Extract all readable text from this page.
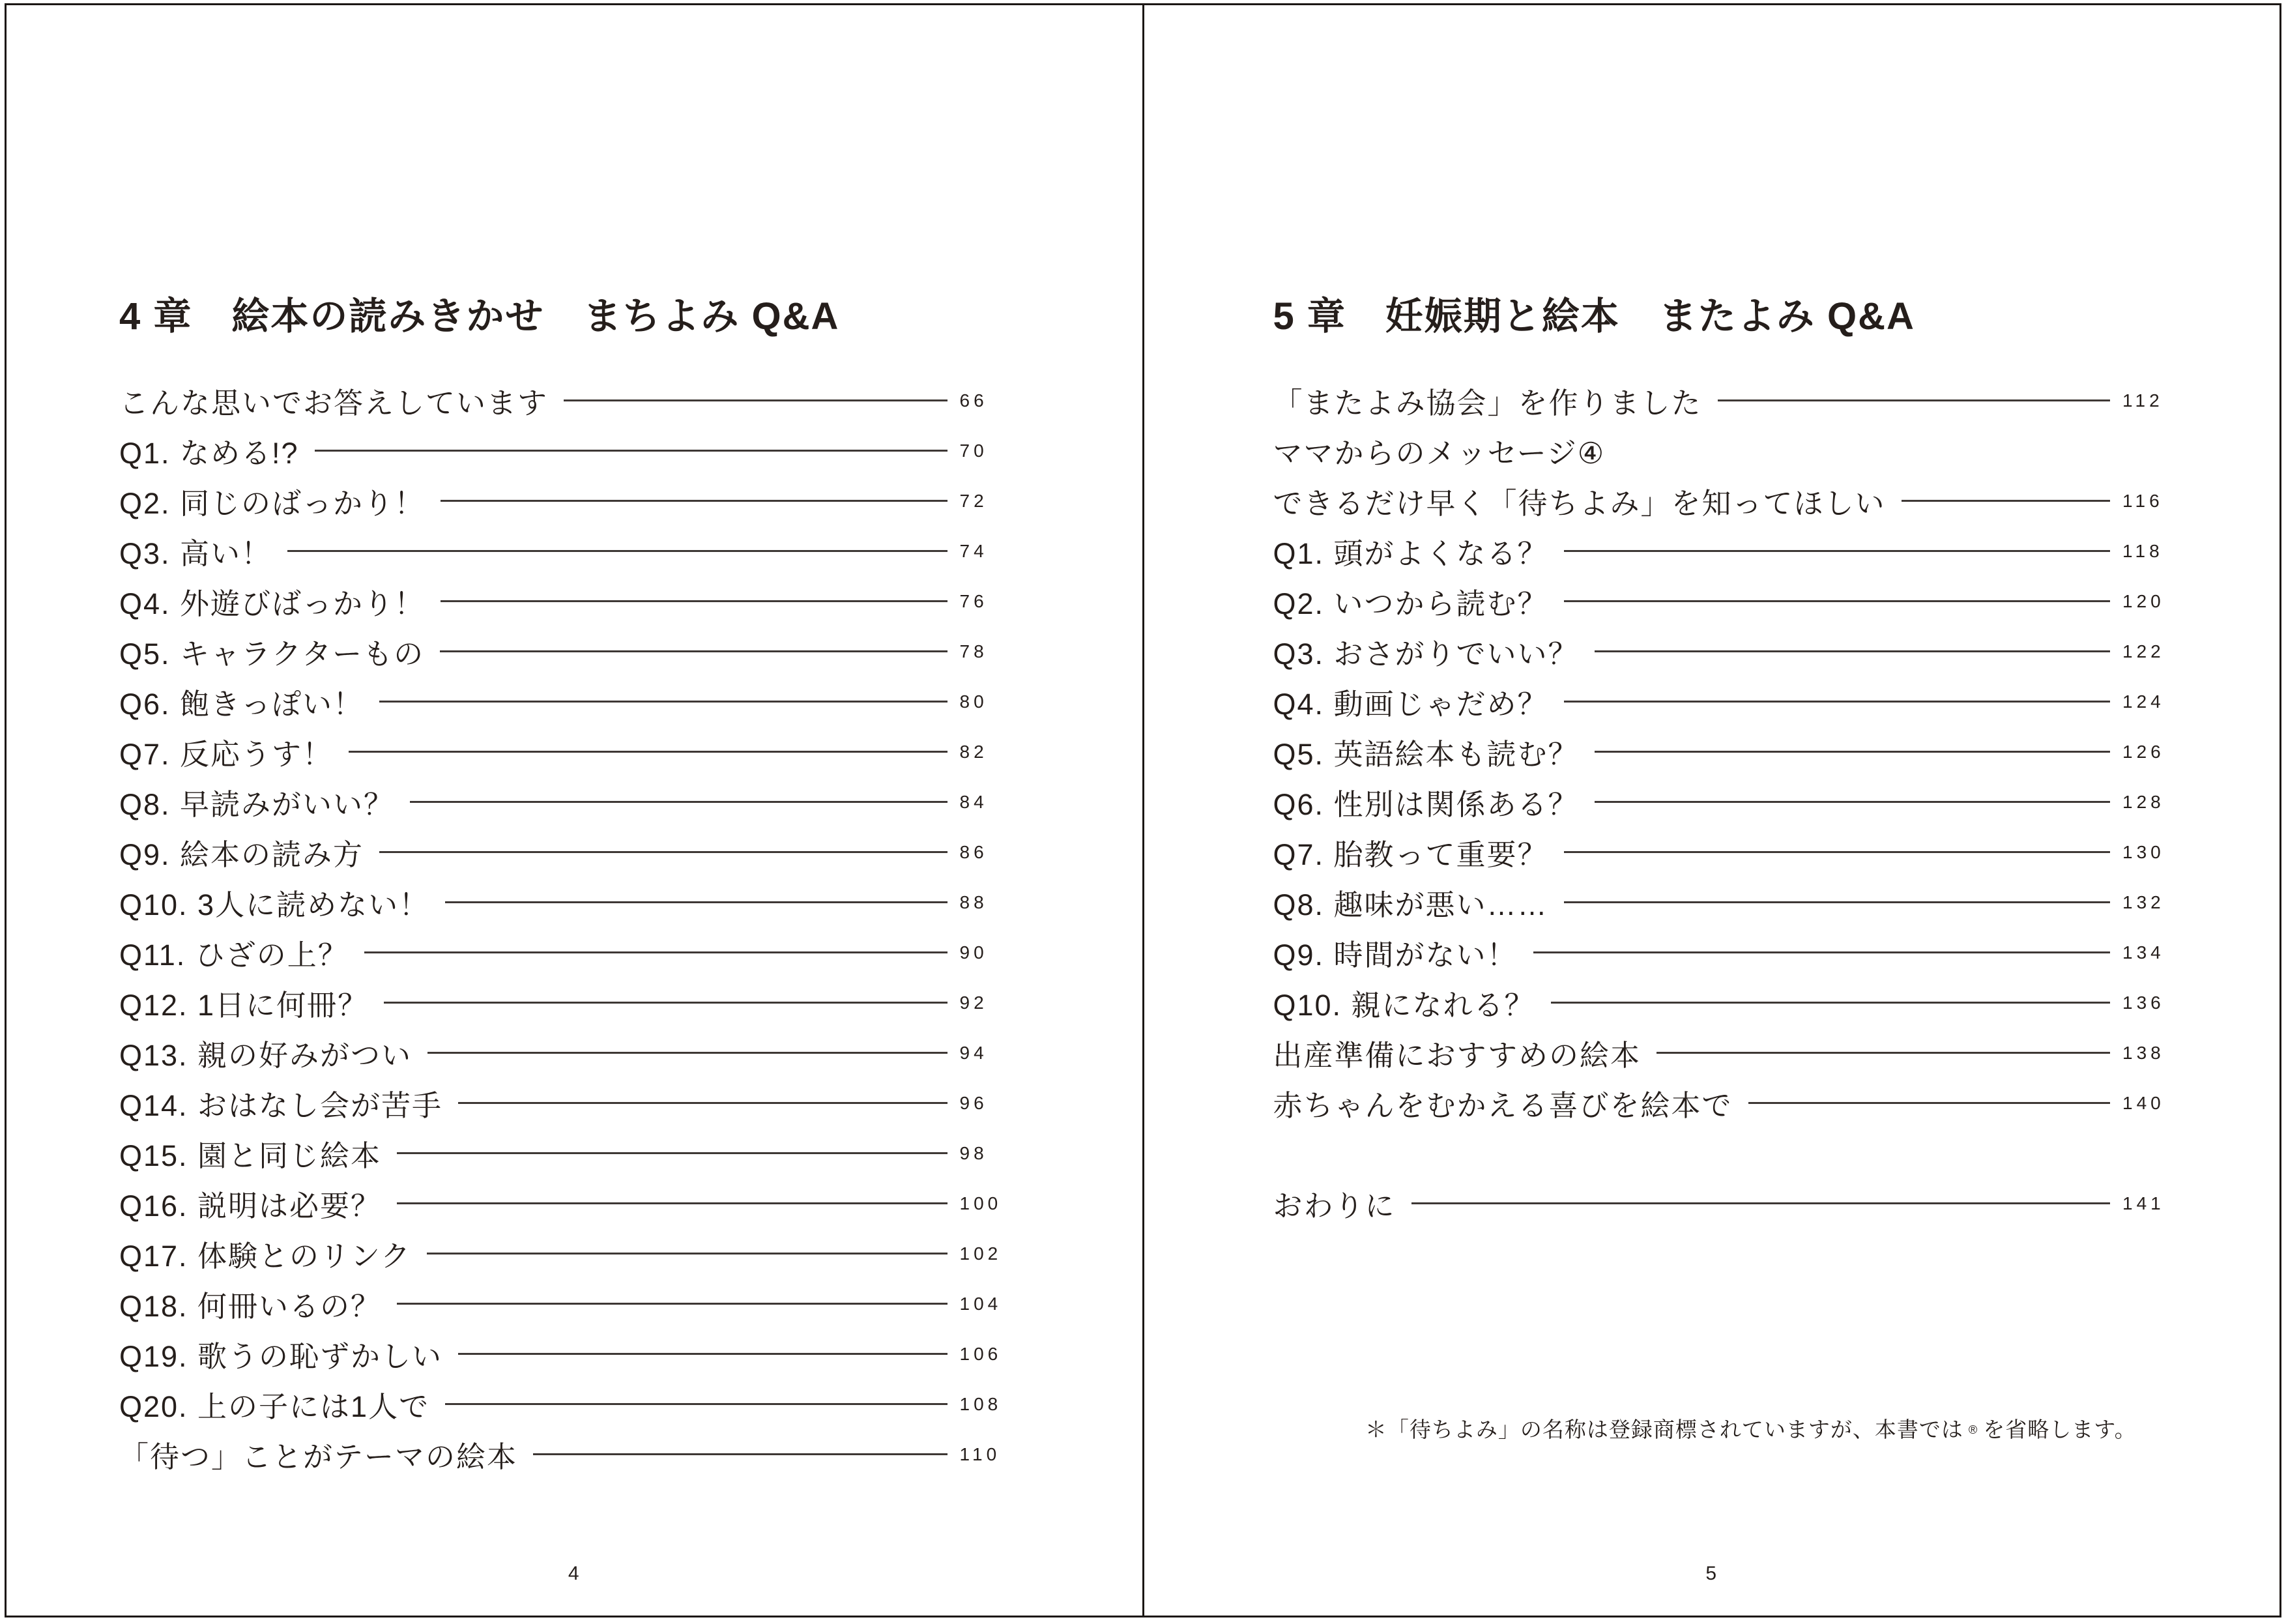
4 章　絵本の読みきかせ　まちよみ Q&A
こんな思いでお答えしています	66
Q1. なめる!?	70
Q2. 同じのばっかり！	72
Q3. 高い！	74
Q4. 外遊びばっかり！	76
Q5. キャラクターもの	78
Q6. 飽きっぽい！	80
Q7. 反応うす！	82
Q8. 早読みがいい？	84
Q9. 絵本の読み方	86
Q10. 3人に読めない！	88
Q11. ひざの上？	90
Q12. 1日に何冊？	92
Q13. 親の好みがつい	94
Q14. おはなし会が苦手	96
Q15. 園と同じ絵本	98
Q16. 説明は必要？	100
Q17. 体験とのリンク	102
Q18. 何冊いるの？	104
Q19. 歌うの恥ずかしい	106
Q20. 上の子には1人で	108
「待つ」ことがテーマの絵本	110
4
5 章　妊娠期と絵本　またよみ Q&A
「またよみ協会」を作りました	112
ママからのメッセージ④
できるだけ早く「待ちよみ」を知ってほしい	116
Q1. 頭がよくなる？	118
Q2. いつから読む？	120
Q3. おさがりでいい？	122
Q4. 動画じゃだめ？	124
Q5. 英語絵本も読む？	126
Q6. 性別は関係ある？	128
Q7. 胎教って重要？	130
Q8. 趣味が悪い……	132
Q9. 時間がない！	134
Q10. 親になれる？	136
出産準備におすすめの絵本	138
赤ちゃんをむかえる喜びを絵本で	140
おわりに	141

＊「待ちよみ」の名称は登録商標されていますが、本書では ® を省略します。

5
